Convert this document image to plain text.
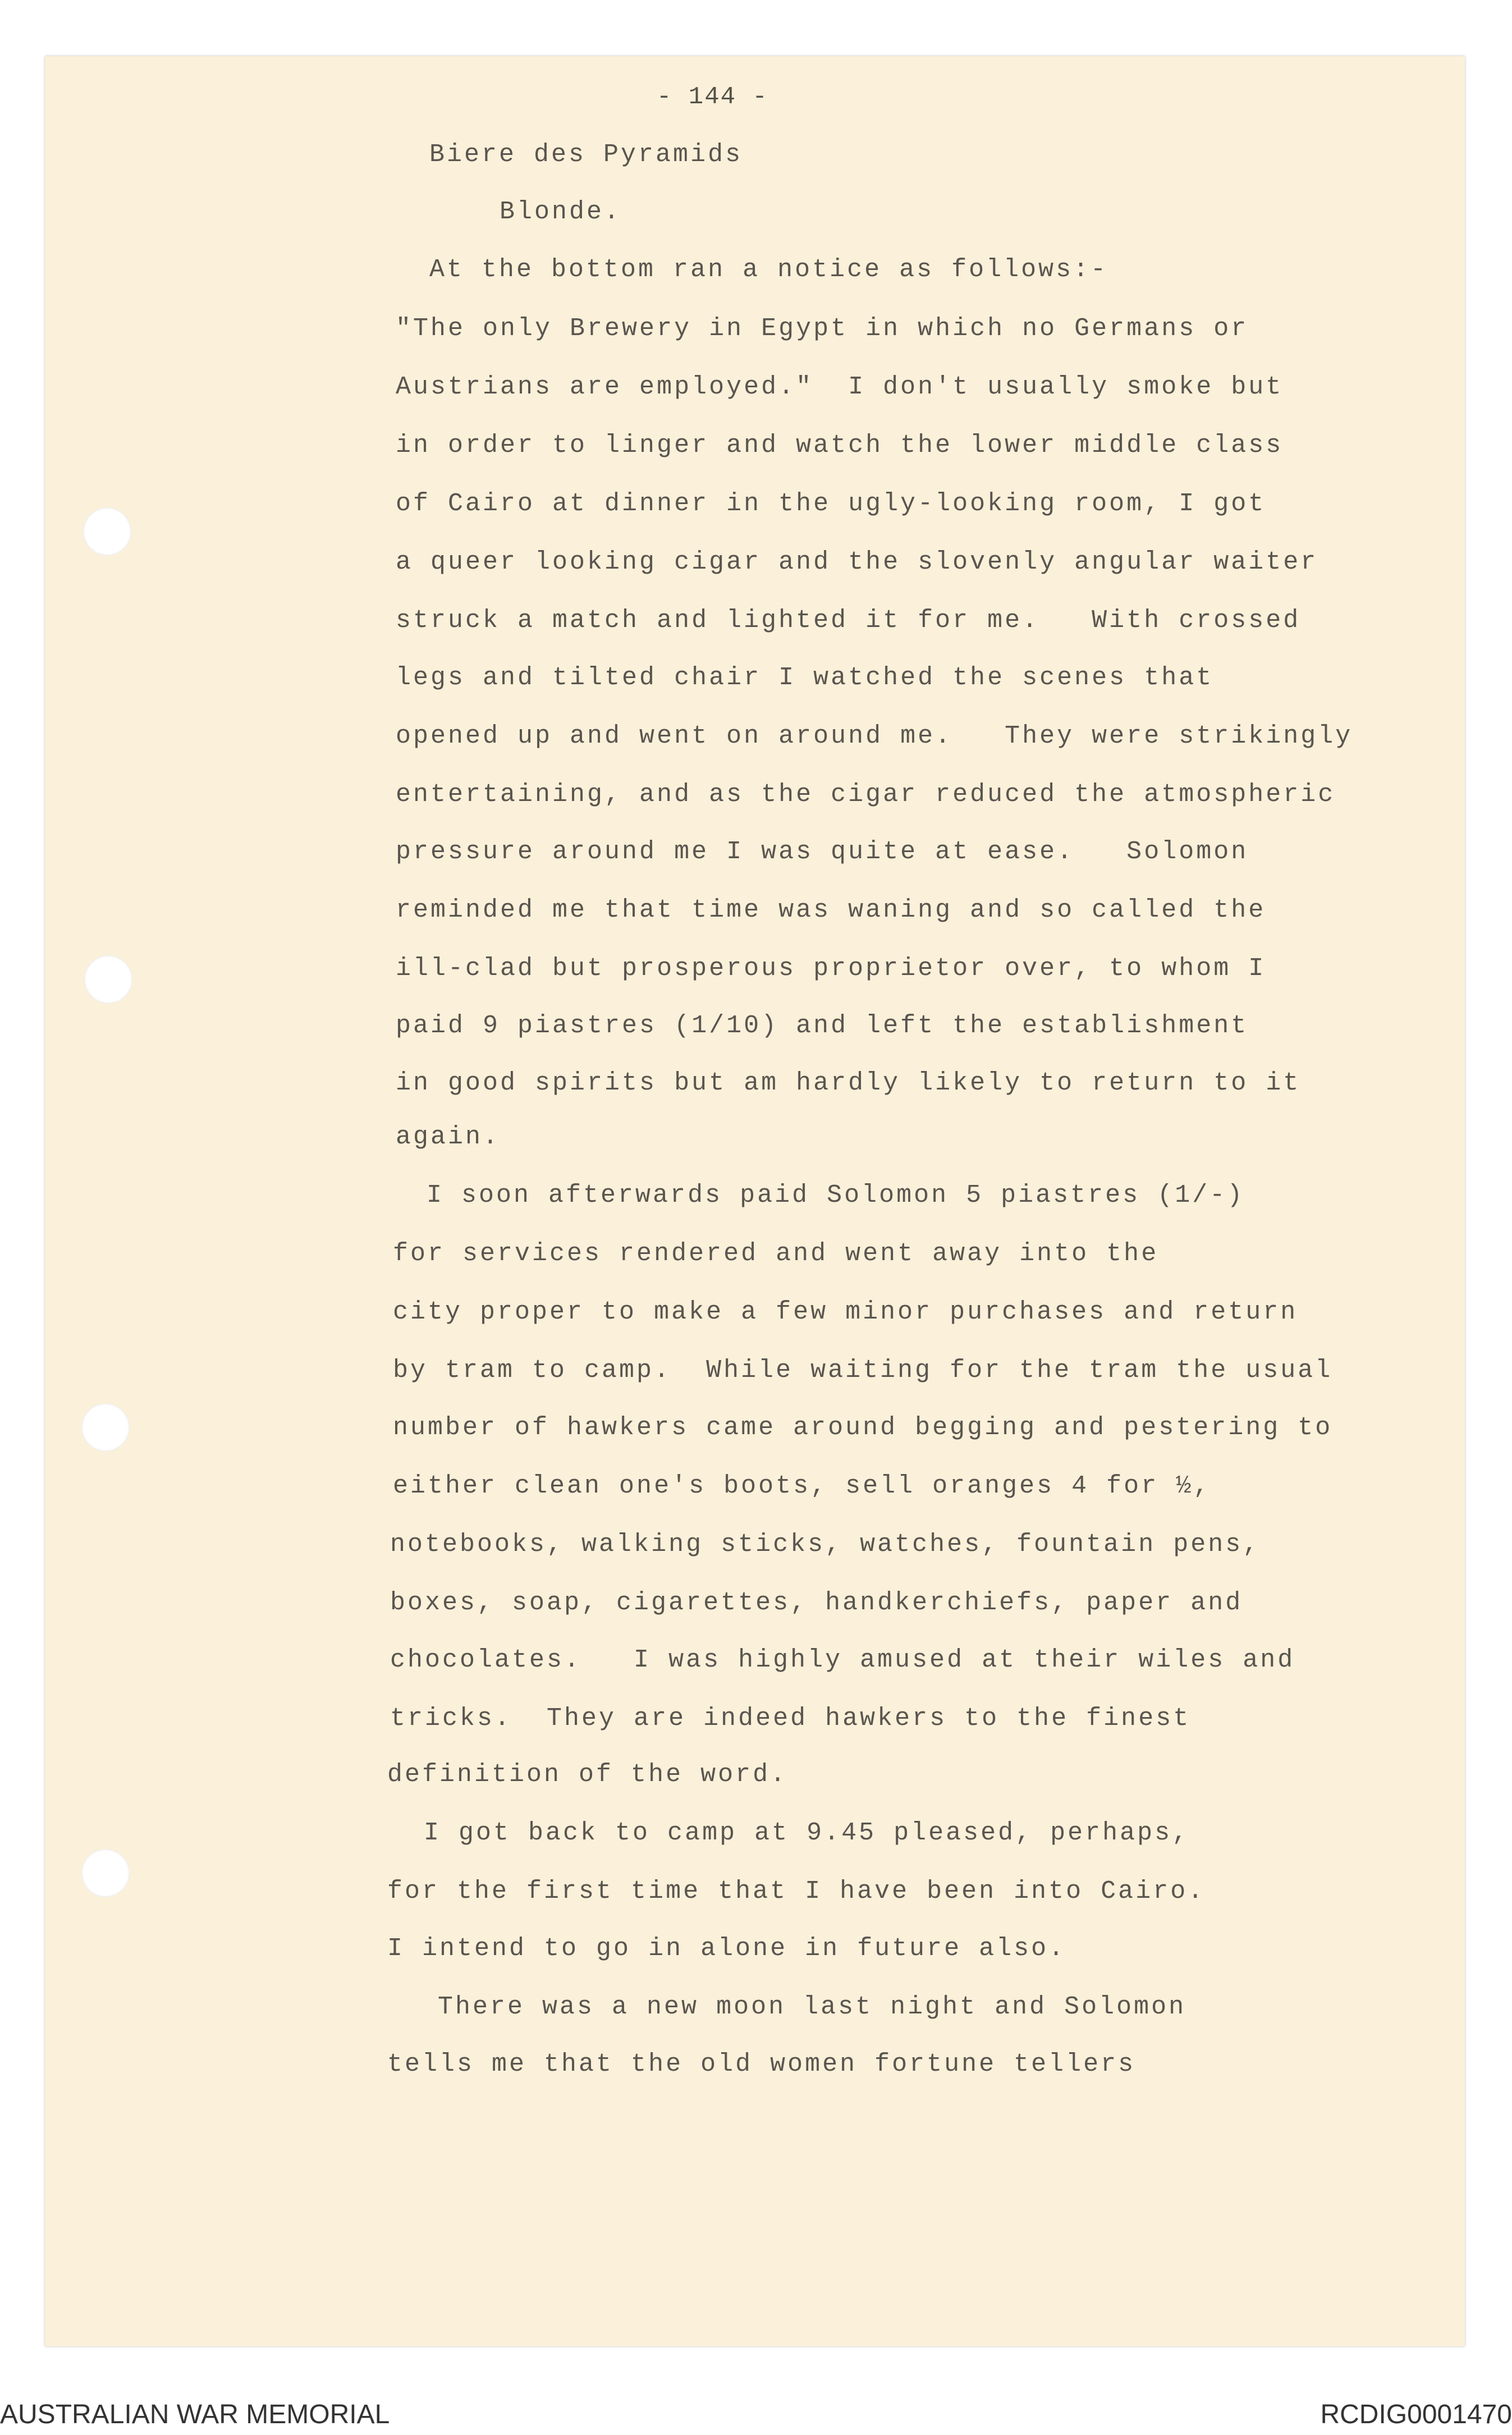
- 144 -
Biere des Pyramids
Blonde.
At the bottom ran a notice as follows:-
"The only Brewery in Egypt in which no Germans or
Austrians are employed."  I don't usually smoke but
in order to linger and watch the lower middle class
of Cairo at dinner in the ugly-looking room, I got
a queer looking cigar and the slovenly angular waiter
struck a match and lighted it for me.   With crossed
legs and tilted chair I watched the scenes that
opened up and went on around me.   They were strikingly
entertaining, and as the cigar reduced the atmospheric
pressure around me I was quite at ease.   Solomon
reminded me that time was waning and so called the
ill-clad but prosperous proprietor over, to whom I
paid 9 piastres (1/10) and left the establishment
in good spirits but am hardly likely to return to it
again.
I soon afterwards paid Solomon 5 piastres (1/-)
for services rendered and went away into the
city proper to make a few minor purchases and return
by tram to camp.  While waiting for the tram the usual
number of hawkers came around begging and pestering to
either clean one's boots, sell oranges 4 for ½,
notebooks, walking sticks, watches, fountain pens,
boxes, soap, cigarettes, handkerchiefs, paper and
chocolates.   I was highly amused at their wiles and
tricks.  They are indeed hawkers to the finest
definition of the word.
I got back to camp at 9.45 pleased, perhaps,
for the first time that I have been into Cairo.
I intend to go in alone in future also.
There was a new moon last night and Solomon
tells me that the old women fortune tellers
AUSTRALIAN WAR MEMORIAL	RCDIG0001470
